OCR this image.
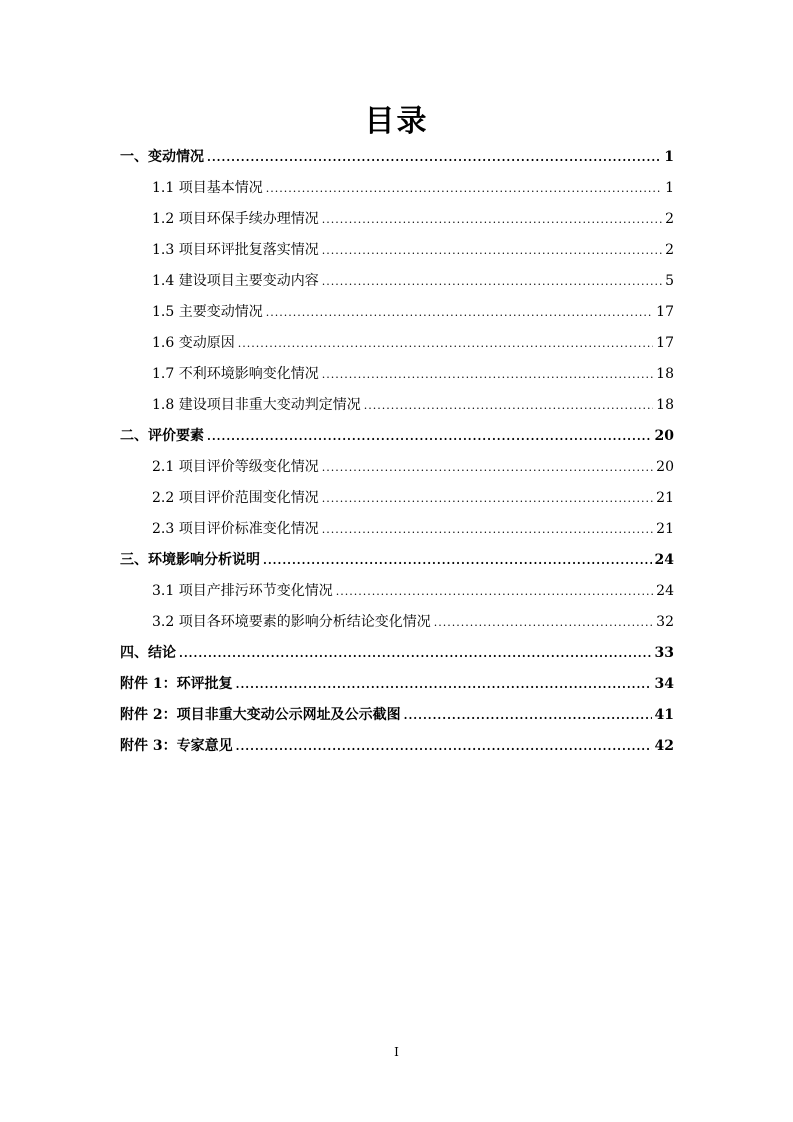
目录
一、变动情况 .....	1
1.1 项目基本情况 .....	1
1.2 项目环保手续办理情况 .....	2
1.3 项目环评批复落实情况 .....	2
1.4 建设项目主要变动内容 .....	5
1.5 主要变动情况 .....	17
1.6 变动原因 .....	17
1.7 不利环境影响变化情况 .....	18
1.8 建设项目非重大变动判定情况 .....	18
二、评价要素 .....	20
2.1 项目评价等级变化情况 .....	20
2.2 项目评价范围变化情况 .....	21
2.3 项目评价标准变化情况 .....	21
三、环境影响分析说明 .....	24
3.1 项目产排污环节变化情况 .....	24
3.2 项目各环境要素的影响分析结论变化情况 .....	32
四、结论 .....	33
附件 1：环评批复 .....	34
附件 2：项目非重大变动公示网址及公示截图 .....	41
附件 3：专家意见 .....	42
I
